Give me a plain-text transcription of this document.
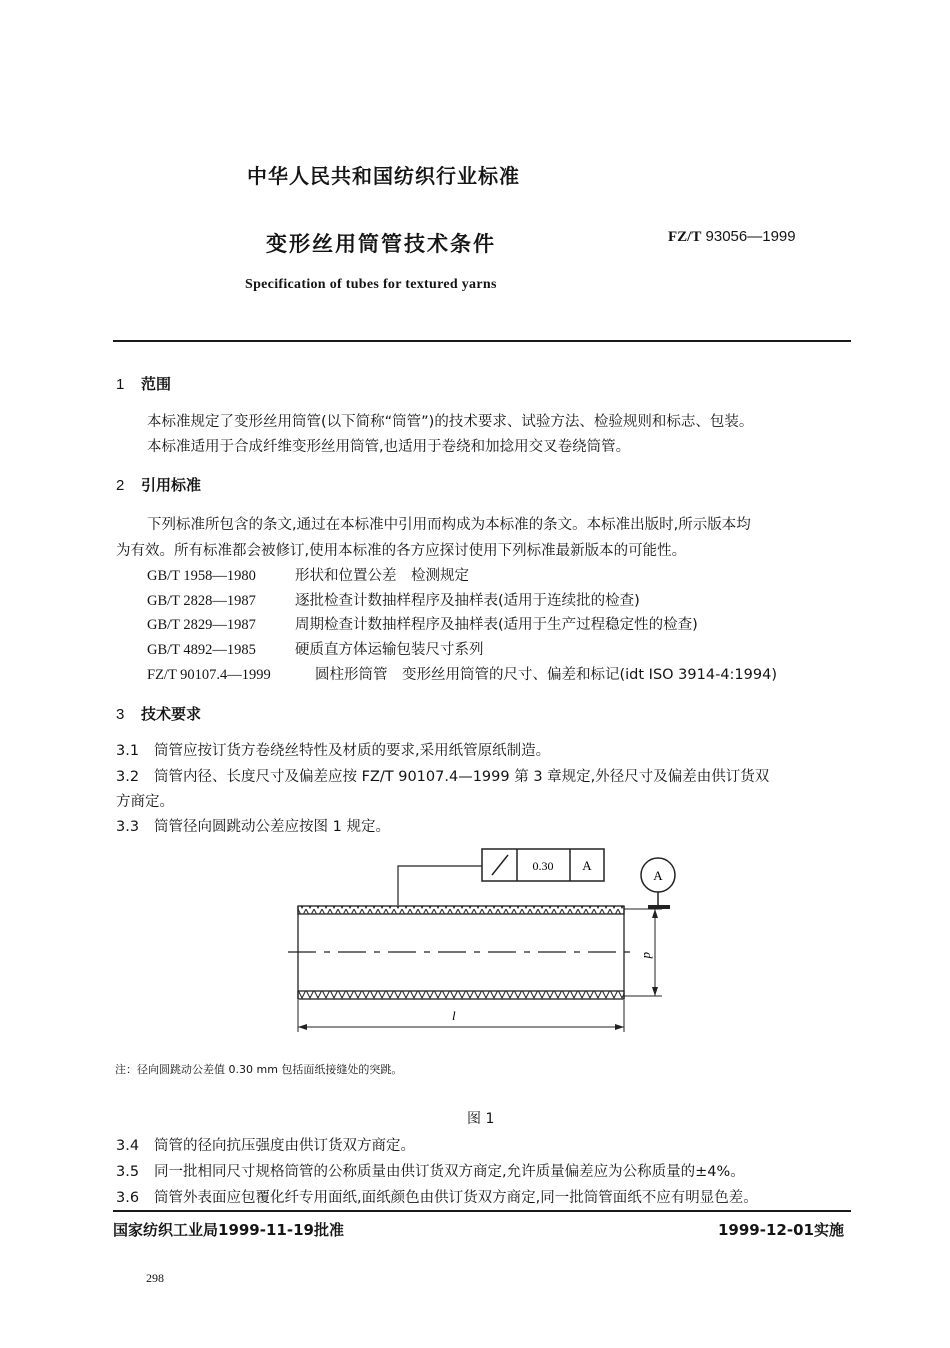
中华人民共和国纺织行业标准
变形丝用筒管技术条件	FZ/T 93056—1999
Specification of tubes for textured yarns
1 范围
本标准规定了变形丝用筒管(以下简称“筒管”)的技术要求、试验方法、检验规则和标志、包装。
本标准适用于合成纤维变形丝用筒管,也适用于卷绕和加捻用交叉卷绕筒管。
2 引用标准
下列标准所包含的条文,通过在本标准中引用而构成为本标准的条文。本标准出版时,所示版本均
为有效。所有标准都会被修订,使用本标准的各方应探讨使用下列标准最新版本的可能性。
GB/T 1958—1980	形状和位置公差　检测规定
GB/T 2828—1987	逐批检查计数抽样程序及抽样表(适用于连续批的检查)
GB/T 2829—1987	周期检查计数抽样程序及抽样表(适用于生产过程稳定性的检查)
GB/T 4892—1985	硬质直方体运输包装尺寸系列
FZ/T 90107.4—1999	圆柱形筒管　变形丝用筒管的尺寸、偏差和标记(idt ISO 3914-4:1994)
3 技术要求
3.1 筒管应按订货方卷绕丝特性及材质的要求,采用纸管原纸制造。
3.2 筒管内径、长度尺寸及偏差应按 FZ/T 90107.4—1999 第 3 章规定,外径尺寸及偏差由供订货双
方商定。
3.3 筒管径向圆跳动公差应按图 1 规定。
0.30 A
A
d
l
注：径向圆跳动公差值 0.30 mm 包括面纸接缝处的突跳。
图 1
3.4 筒管的径向抗压强度由供订货双方商定。
3.5 同一批相同尺寸规格筒管的公称质量由供订货双方商定,允许质量偏差应为公称质量的±4%。
3.6 筒管外表面应包覆化纤专用面纸,面纸颜色由供订货双方商定,同一批筒管面纸不应有明显色差。
国家纺织工业局1999-11-19批准	1999-12-01实施
298
